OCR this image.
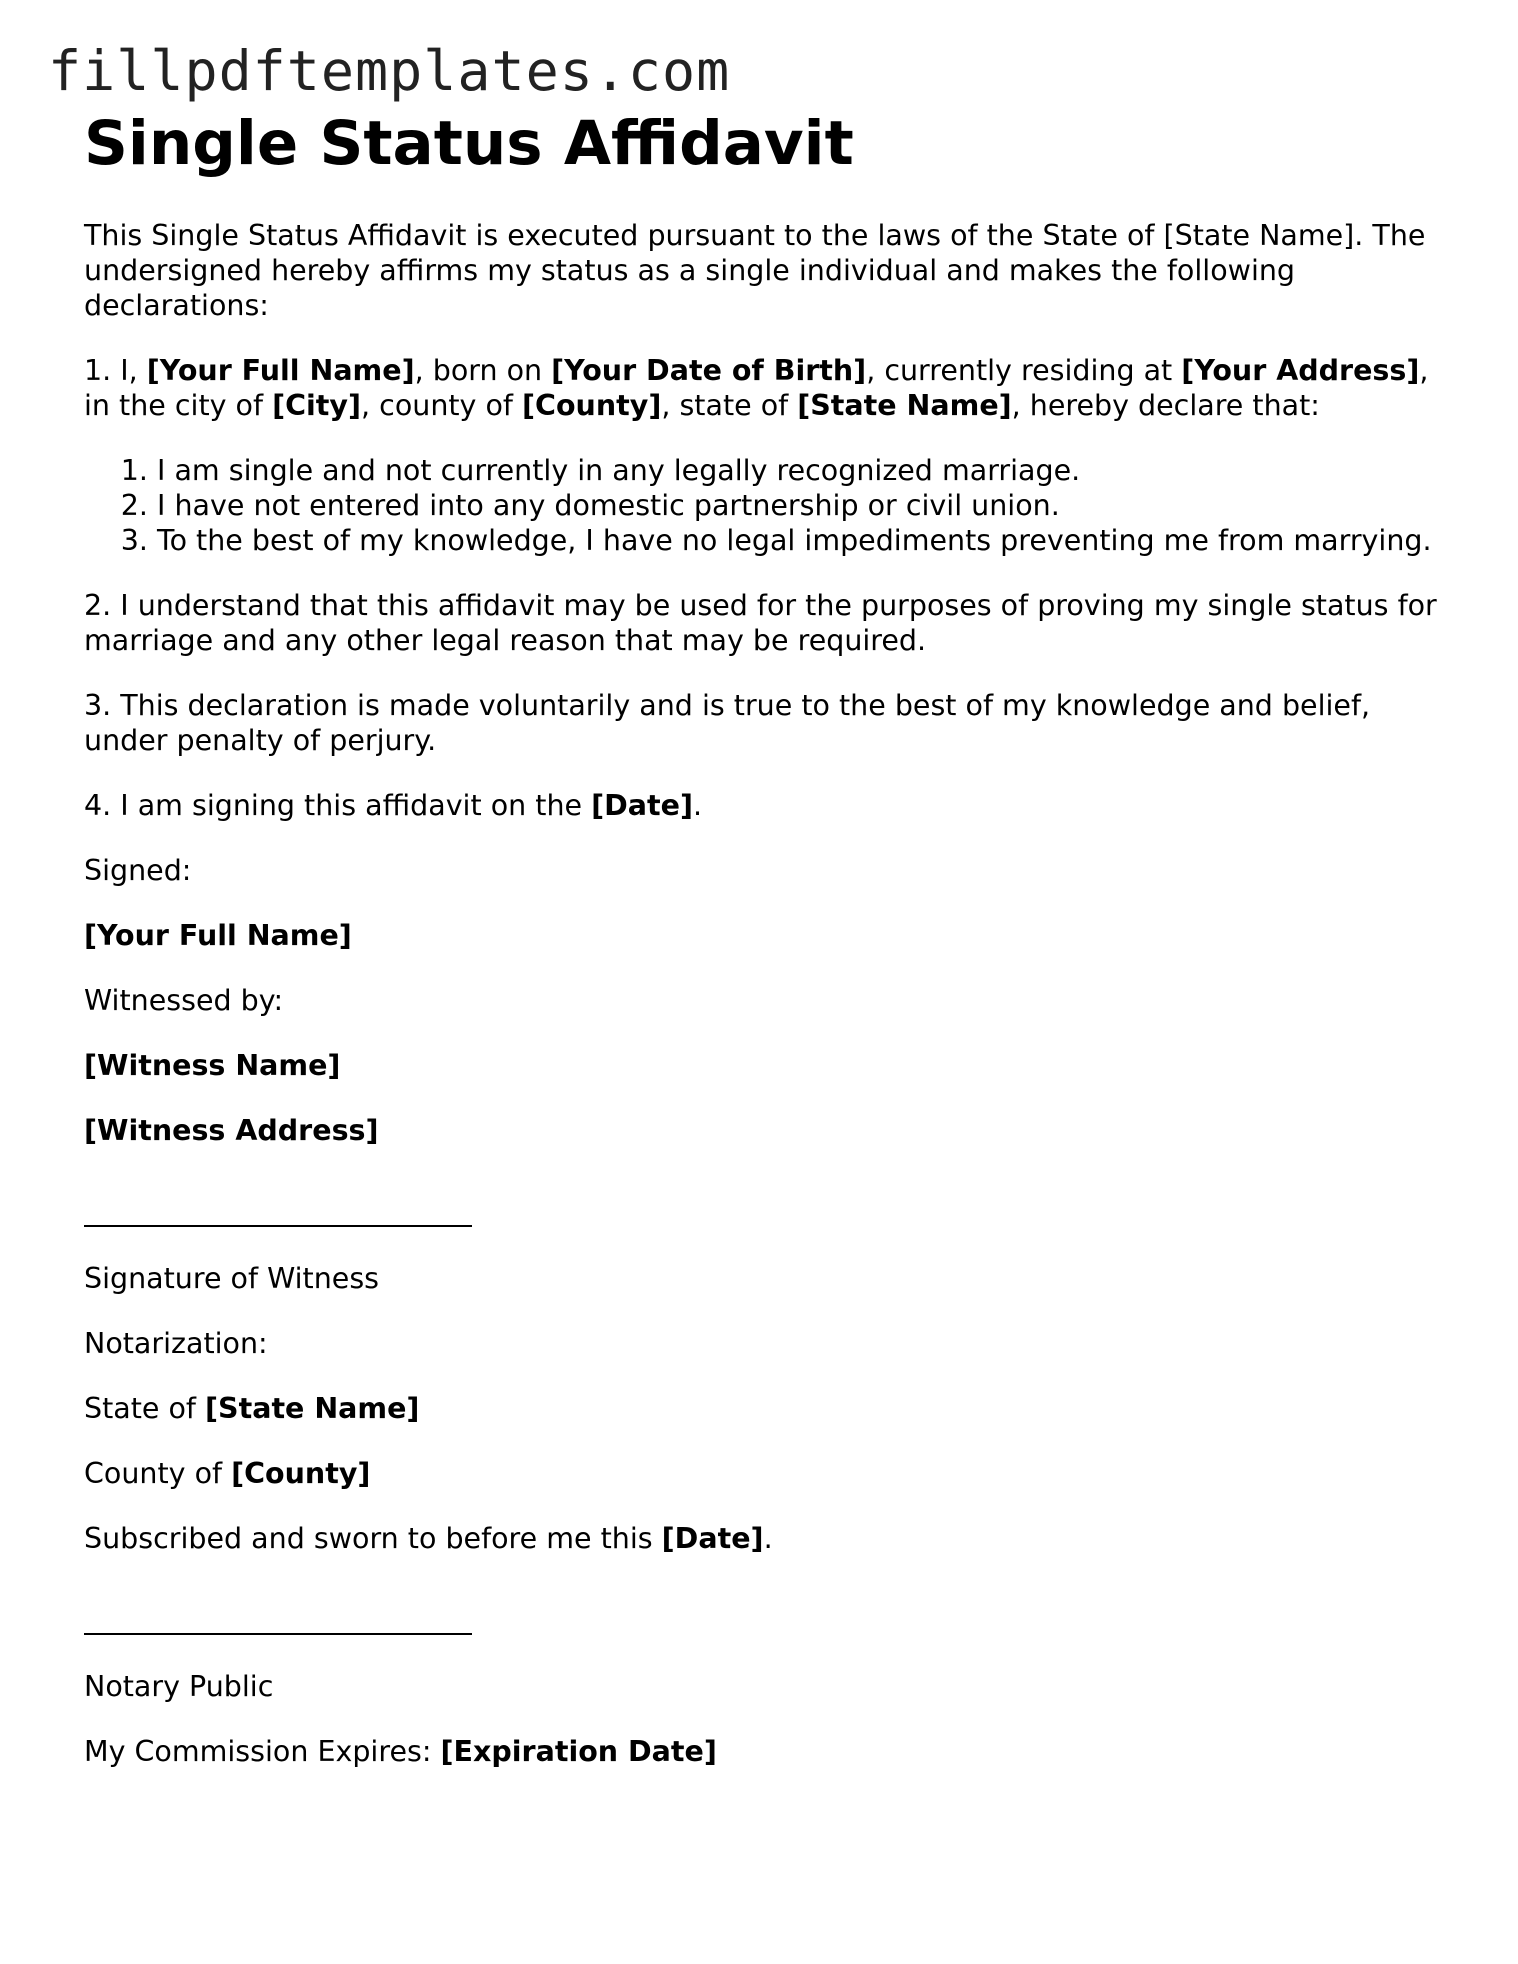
fillpdftemplates.com
Single Status Affidavit

This Single Status Affidavit is executed pursuant to the laws of the State of [State Name]. The undersigned hereby affirms my status as a single individual and makes the following declarations:

1. I, [Your Full Name], born on [Your Date of Birth], currently residing at [Your Address], in the city of [City], county of [County], state of [State Name], hereby declare that:

1. I am single and not currently in any legally recognized marriage.
2. I have not entered into any domestic partnership or civil union.
3. To the best of my knowledge, I have no legal impediments preventing me from marrying.

2. I understand that this affidavit may be used for the purposes of proving my single status for marriage and any other legal reason that may be required.

3. This declaration is made voluntarily and is true to the best of my knowledge and belief, under penalty of perjury.

4. I am signing this affidavit on the [Date].

Signed:

[Your Full Name]

Witnessed by:

[Witness Name]

[Witness Address]

Signature of Witness

Notarization:

State of [State Name]

County of [County]

Subscribed and sworn to before me this [Date].

Notary Public

My Commission Expires: [Expiration Date]
